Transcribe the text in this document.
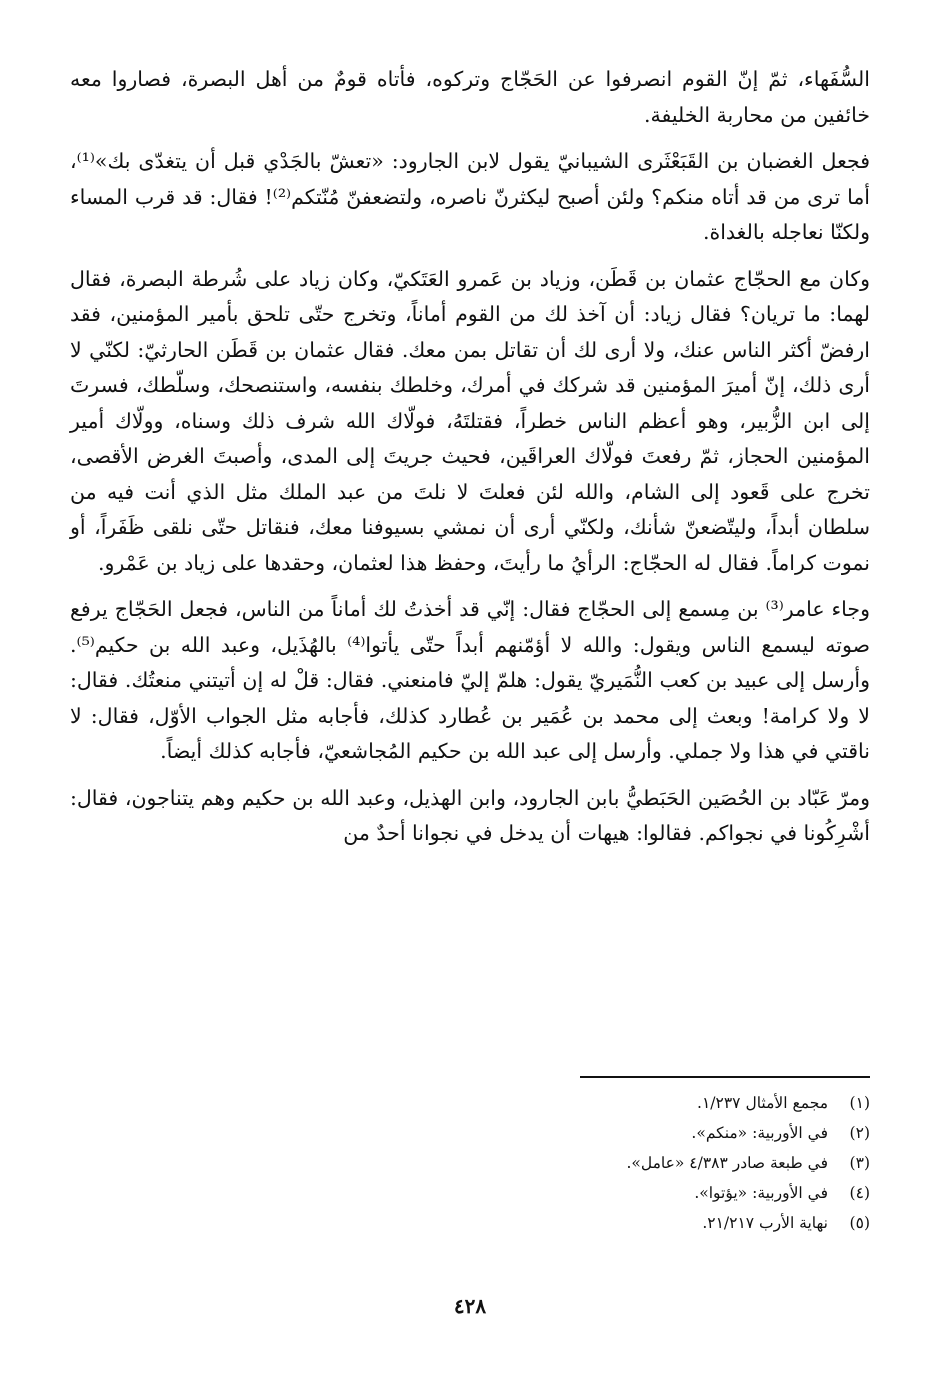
السُّفَهاء، ثمّ إنّ القوم انصرفوا عن الحَجّاج وتركوه، فأتاه قومٌ من أهل البصرة، فصاروا معه خائفين من محاربة الخليفة.

فجعل الغضبان بن القَبَعْثَرى الشيبانيّ يقول لابن الجارود: «تعشّ بالجَدْي قبل أن يتغدّى بك»⁽¹⁾، أما ترى من قد أتاه منكم؟ ولئن أصبح ليكثرنّ ناصره، ولتضعفنّ مُنّتكم⁽²⁾! فقال: قد قرب المساء ولكنّا نعاجله بالغداة.

وكان مع الحجّاج عثمان بن قَطَن، وزياد بن عَمرو العَتَكيّ، وكان زياد على شُرطة البصرة، فقال لهما: ما تريان؟ فقال زياد: أن آخذ لك من القوم أماناً، وتخرج حتّى تلحق بأمير المؤمنين، فقد ارفضّ أكثر الناس عنك، ولا أرى لك أن تقاتل بمن معك. فقال عثمان بن قَطَن الحارثيّ: لكنّي لا أرى ذلك، إنّ أميرَ المؤمنين قد شركك في أمرك، وخلطك بنفسه، واستنصحك، وسلّطك، فسرتَ إلى ابن الزُّبير، وهو أعظم الناس خطراً، فقتلتَهُ، فولّاك الله شرف ذلك وسناه، وولّاك أمير المؤمنين الحجاز، ثمّ رفعتَ فولّاك العراقَين، فحيث جريتَ إلى المدى، وأصبتَ الغرض الأقصى، تخرج على قَعود إلى الشام، والله لئن فعلتَ لا نلتَ من عبد الملك مثل الذي أنت فيه من سلطان أبداً، وليتّضعنّ شأنك، ولكنّي أرى أن نمشي بسيوفنا معك، فنقاتل حتّى نلقى ظَفَراً، أو نموت كراماً. فقال له الحجّاج: الرأيُ ما رأيتَ، وحفظ هذا لعثمان، وحقدها على زياد بن عَمْرو.

وجاء عامر⁽³⁾ بن مِسمع إلى الحجّاج فقال: إنّي قد أخذتُ لك أماناً من الناس، فجعل الحَجّاج يرفع صوته ليسمع الناس ويقول: والله لا أؤمّنهم أبداً حتّى يأتوا⁽⁴⁾ بالهُذَيل، وعبد الله بن حكيم⁽⁵⁾. وأرسل إلى عبيد بن كعب النُّمَيريّ يقول: هلمّ إليّ فامنعني. فقال: قلْ له إن أتيتني منعتُك. فقال: لا ولا كرامة! وبعث إلى محمد بن عُمَير بن عُطارد كذلك، فأجابه مثل الجواب الأوّل، فقال: لا ناقتي في هذا ولا جملي. وأرسل إلى عبد الله بن حكيم المُجاشعيّ، فأجابه كذلك أيضاً.

ومرّ عَبّاد بن الحُصَين الحَبَطيُّ بابن الجارود، وابن الهذيل، وعبد الله بن حكيم وهم يتناجون، فقال: أشْرِكُونا في نجواكم. فقالوا: هيهات أن يدخل في نجوانا أحدٌ من

(١)
مجمع الأمثال ١/٢٣٧.
(٢)
في الأوربية: «منكم».
(٣)
في طبعة صادر ٤/٣٨٣ «عامل».
(٤)
في الأوربية: «يؤتوا».
(٥)
نهاية الأرب ٢١/٢١٧.
٤٢٨
